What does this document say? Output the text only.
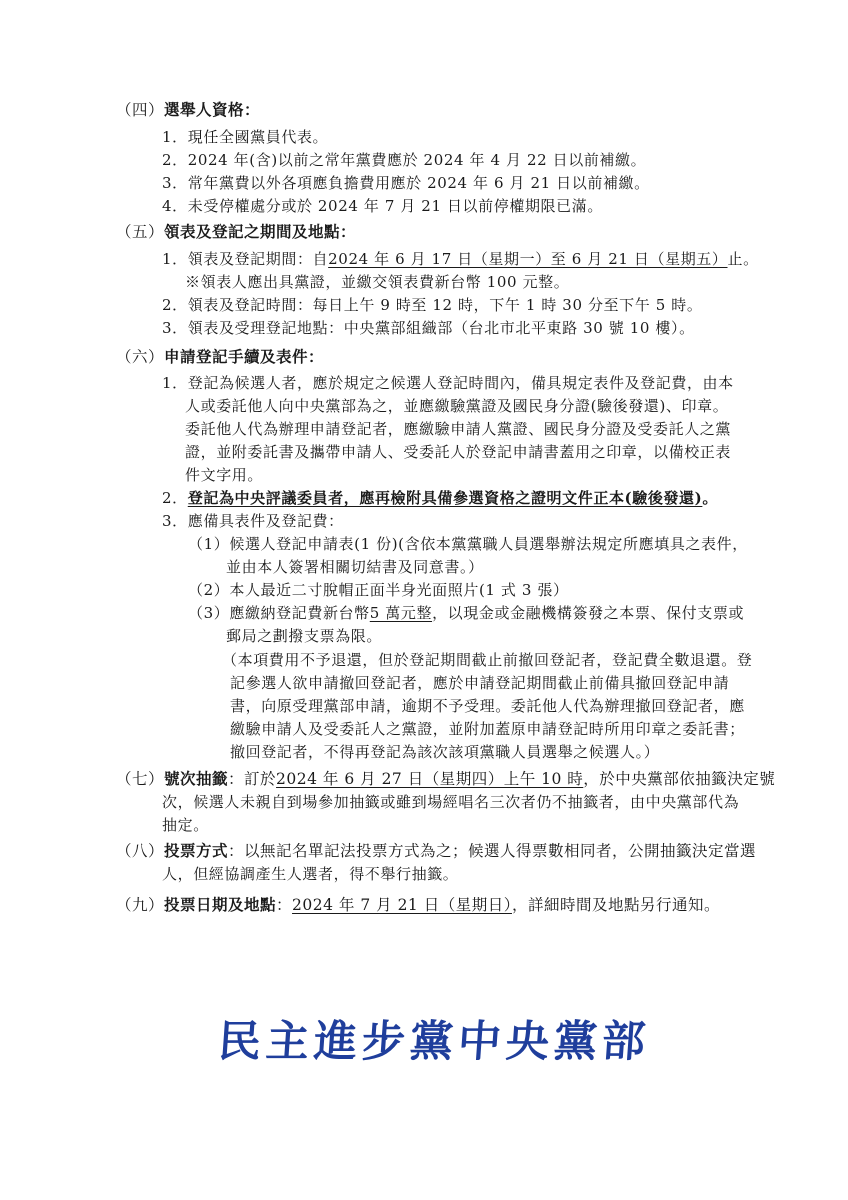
（四）選舉人資格：
1．現任全國黨員代表。
2．2024 年(含)以前之常年黨費應於 2024 年 4 月 22 日以前補繳。
3．常年黨費以外各項應負擔費用應於 2024 年 6 月 21 日以前補繳。
4．未受停權處分或於 2024 年 7 月 21 日以前停權期限已滿。
（五）領表及登記之期間及地點：
1．領表及登記期間：自2024 年 6 月 17 日（星期一）至 6 月 21 日（星期五）止。
※領表人應出具黨證，並繳交領表費新台幣 100 元整。
2．領表及登記時間：每日上午 9 時至 12 時，下午 1 時 30 分至下午 5 時。
3．領表及受理登記地點：中央黨部組織部（台北市北平東路 30 號 10 樓）。
（六）申請登記手續及表件：
1．登記為候選人者，應於規定之候選人登記時間內，備具規定表件及登記費，由本
人或委託他人向中央黨部為之，並應繳驗黨證及國民身分證(驗後發還)、印章。
委託他人代為辦理申請登記者，應繳驗申請人黨證、國民身分證及受委託人之黨
證，並附委託書及攜帶申請人、受委託人於登記申請書蓋用之印章，以備校正表
件文字用。
2．登記為中央評議委員者，應再檢附具備參選資格之證明文件正本(驗後發還)。
3．應備具表件及登記費：
（1）候選人登記申請表(1 份)(含依本黨黨職人員選舉辦法規定所應填具之表件，
並由本人簽署相關切結書及同意書。）
（2）本人最近二寸脫帽正面半身光面照片(1 式 3 張）
（3）應繳納登記費新台幣5 萬元整，以現金或金融機構簽發之本票、保付支票或
郵局之劃撥支票為限。
（本項費用不予退還，但於登記期間截止前撤回登記者，登記費全數退還。登
記參選人欲申請撤回登記者，應於申請登記期間截止前備具撤回登記申請
書，向原受理黨部申請，逾期不予受理。委託他人代為辦理撤回登記者，應
繳驗申請人及受委託人之黨證，並附加蓋原申請登記時所用印章之委託書；
撤回登記者，不得再登記為該次該項黨職人員選舉之候選人。）
（七）號次抽籤：訂於2024 年 6 月 27 日（星期四）上午 10 時，於中央黨部依抽籤決定號
次，候選人未親自到場參加抽籤或雖到場經唱名三次者仍不抽籤者，由中央黨部代為
抽定。
（八）投票方式：以無記名單記法投票方式為之；候選人得票數相同者，公開抽籤決定當選
人，但經協調產生人選者，得不舉行抽籤。
（九）投票日期及地點：2024 年 7 月 21 日（星期日），詳細時間及地點另行通知。
民主進步黨中央黨部
